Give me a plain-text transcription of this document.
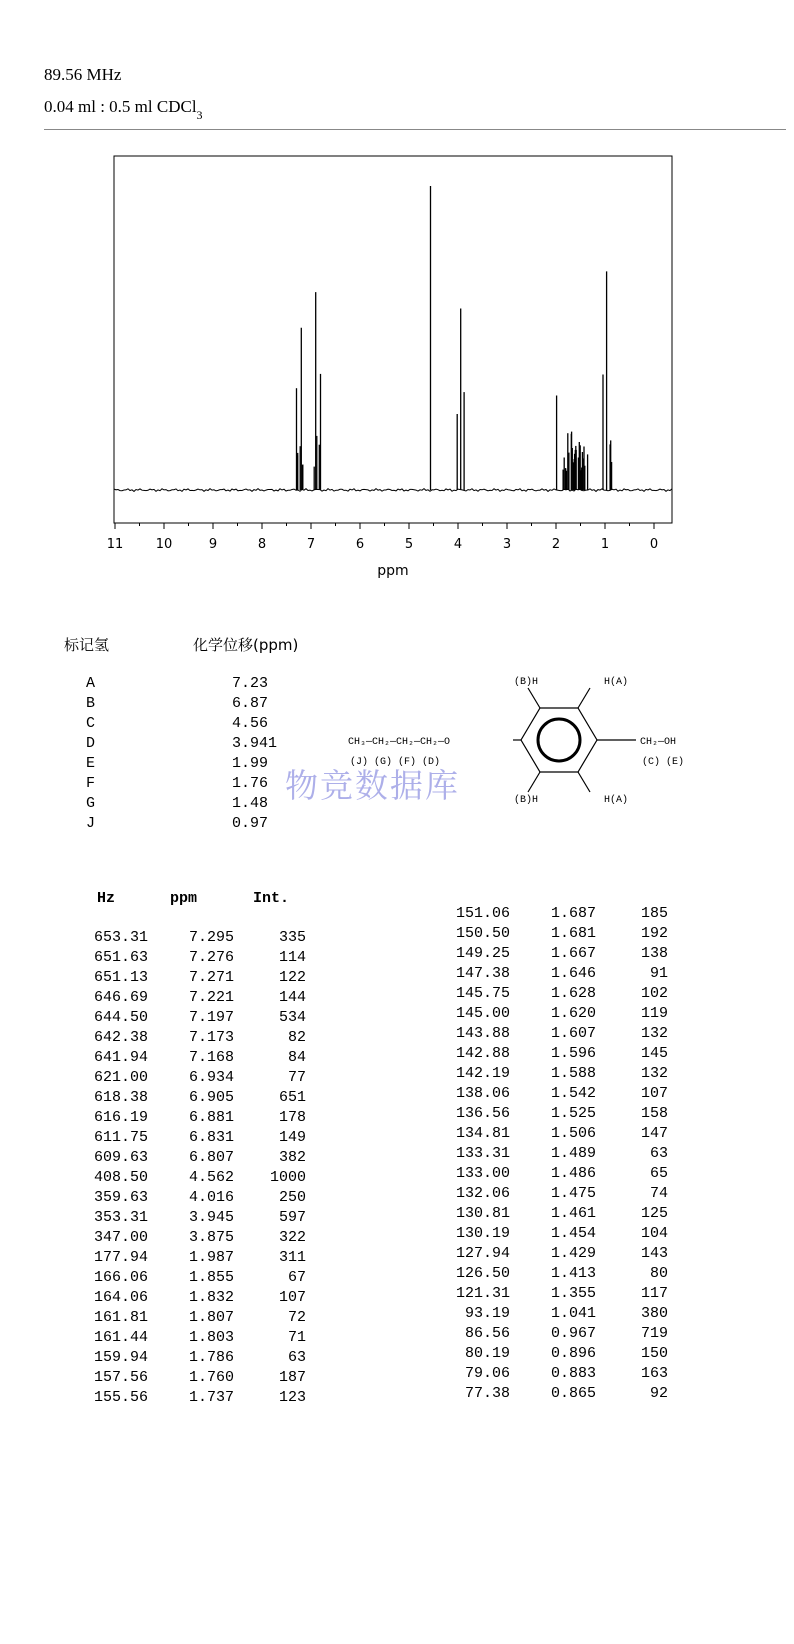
89.56 MHz
0.04 ml : 0.5 ml CDCl$_3$
11 10	9	8	7	6	5	4	3	2	1	0
ppm
标记氢	化学位移(ppm)
A	7.23
B	6.87
C	4.56
D	3.941
E	1.99
F	1.76
G	1.48
J	0.97
(B)H	H(A)
(B)H	H(A)
CH₃—CH₂—CH₂—CH₂—O
(J) (G) (F) (D)
CH₂—OH
(C) (E)
物竞数据库
Hz	ppm	Int.
653.31	7.295	335
651.63	7.276	114
651.13	7.271	122
646.69	7.221	144
644.50	7.197	534
642.38	7.173	82
641.94	7.168	84
621.00	6.934	77
618.38	6.905	651
616.19	6.881	178
611.75	6.831	149
609.63	6.807	382
408.50	4.562	1000
359.63	4.016	250
353.31	3.945	597
347.00	3.875	322
177.94	1.987	311
166.06	1.855	67
164.06	1.832	107
161.81	1.807	72
161.44	1.803	71
159.94	1.786	63
157.56	1.760	187
155.56	1.737	123
151.06	1.687	185
150.50	1.681	192
149.25	1.667	138
147.38	1.646	91
145.75	1.628	102
145.00	1.620	119
143.88	1.607	132
142.88	1.596	145
142.19	1.588	132
138.06	1.542	107
136.56	1.525	158
134.81	1.506	147
133.31	1.489	63
133.00	1.486	65
132.06	1.475	74
130.81	1.461	125
130.19	1.454	104
127.94	1.429	143
126.50	1.413	80
121.31	1.355	117
93.19	1.041	380
86.56	0.967	719
80.19	0.896	150
79.06	0.883	163
77.38	0.865	92
